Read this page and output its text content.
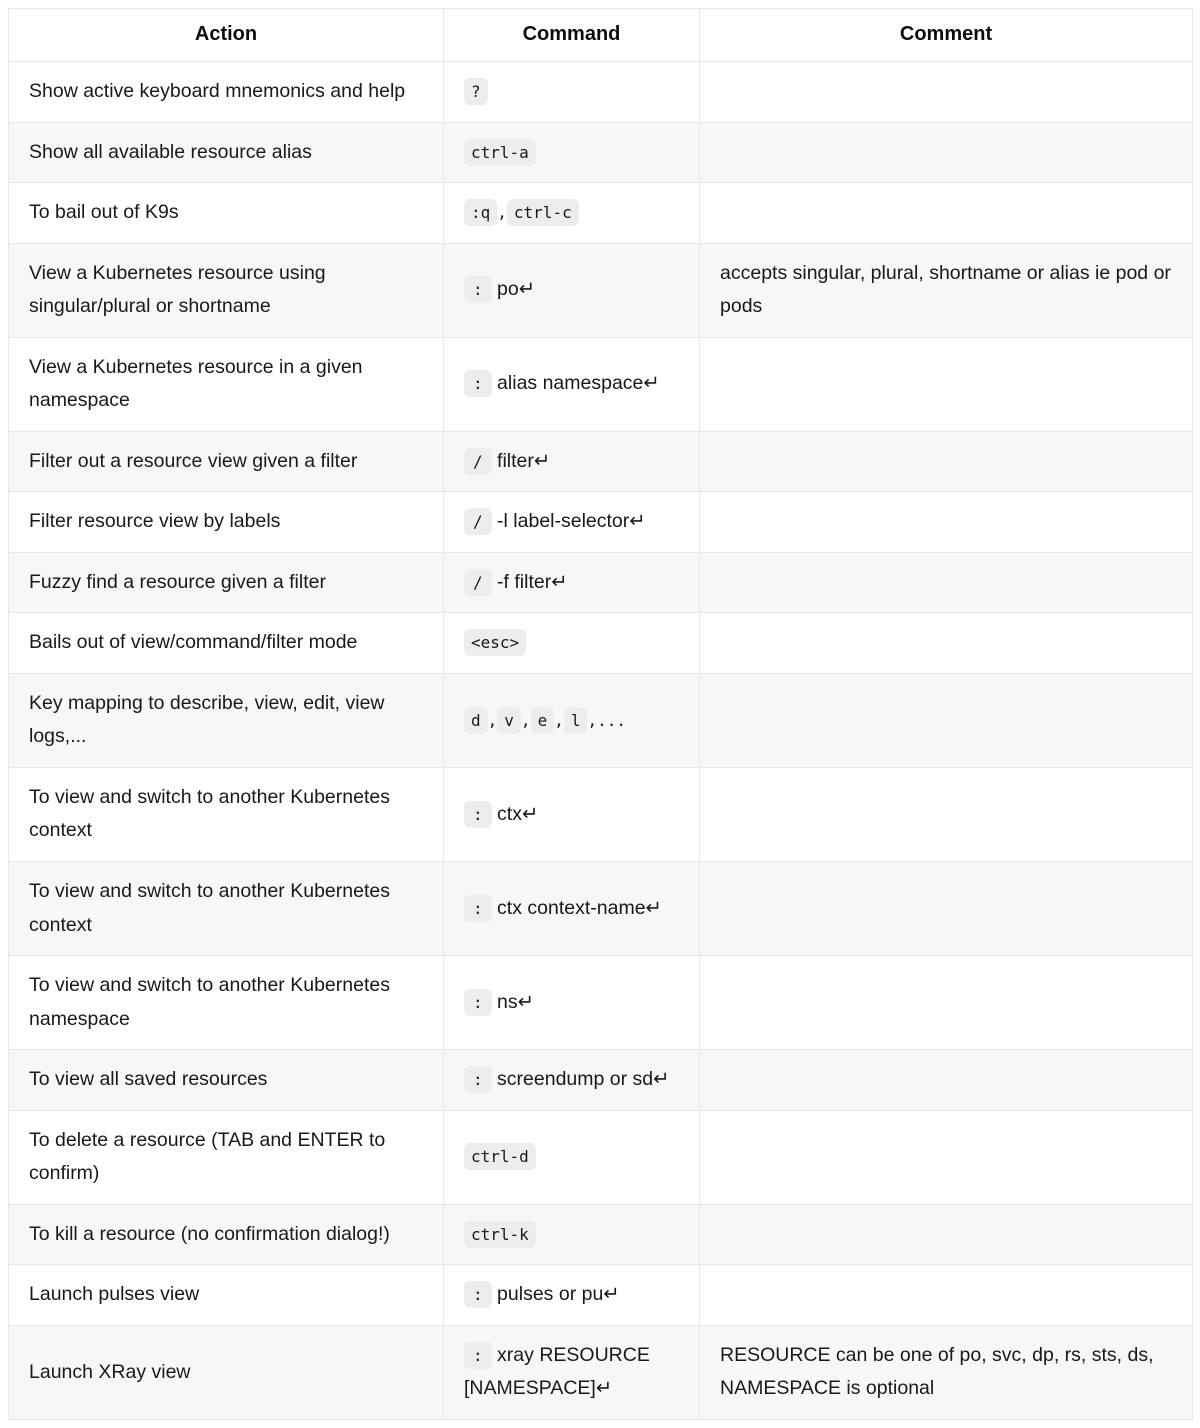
Action	Command	Comment
Show active keyboard mnemonics and help	?	
Show all available resource alias	ctrl-a	
To bail out of K9s	:q , ctrl-c	
View a Kubernetes resource using singular/plural or shortname	: po↵	accepts singular, plural, shortname or alias ie pod or pods
View a Kubernetes resource in a given namespace	: alias namespace↵	
Filter out a resource view given a filter	/ filter↵	
Filter resource view by labels	/ -l label-selector↵	
Fuzzy find a resource given a filter	/ -f filter↵	
Bails out of view/command/filter mode	<esc>	
Key mapping to describe, view, edit, view logs,...	d , v , e , l ,...	
To view and switch to another Kubernetes context	: ctx↵	
To view and switch to another Kubernetes context	: ctx context-name↵	
To view and switch to another Kubernetes namespace	: ns↵	
To view all saved resources	: screendump or sd↵	
To delete a resource (TAB and ENTER to confirm)	ctrl-d	
To kill a resource (no confirmation dialog!)	ctrl-k	
Launch pulses view	: pulses or pu↵	
Launch XRay view	: xray RESOURCE [NAMESPACE]↵	RESOURCE can be one of po, svc, dp, rs, sts, ds, NAMESPACE is optional
